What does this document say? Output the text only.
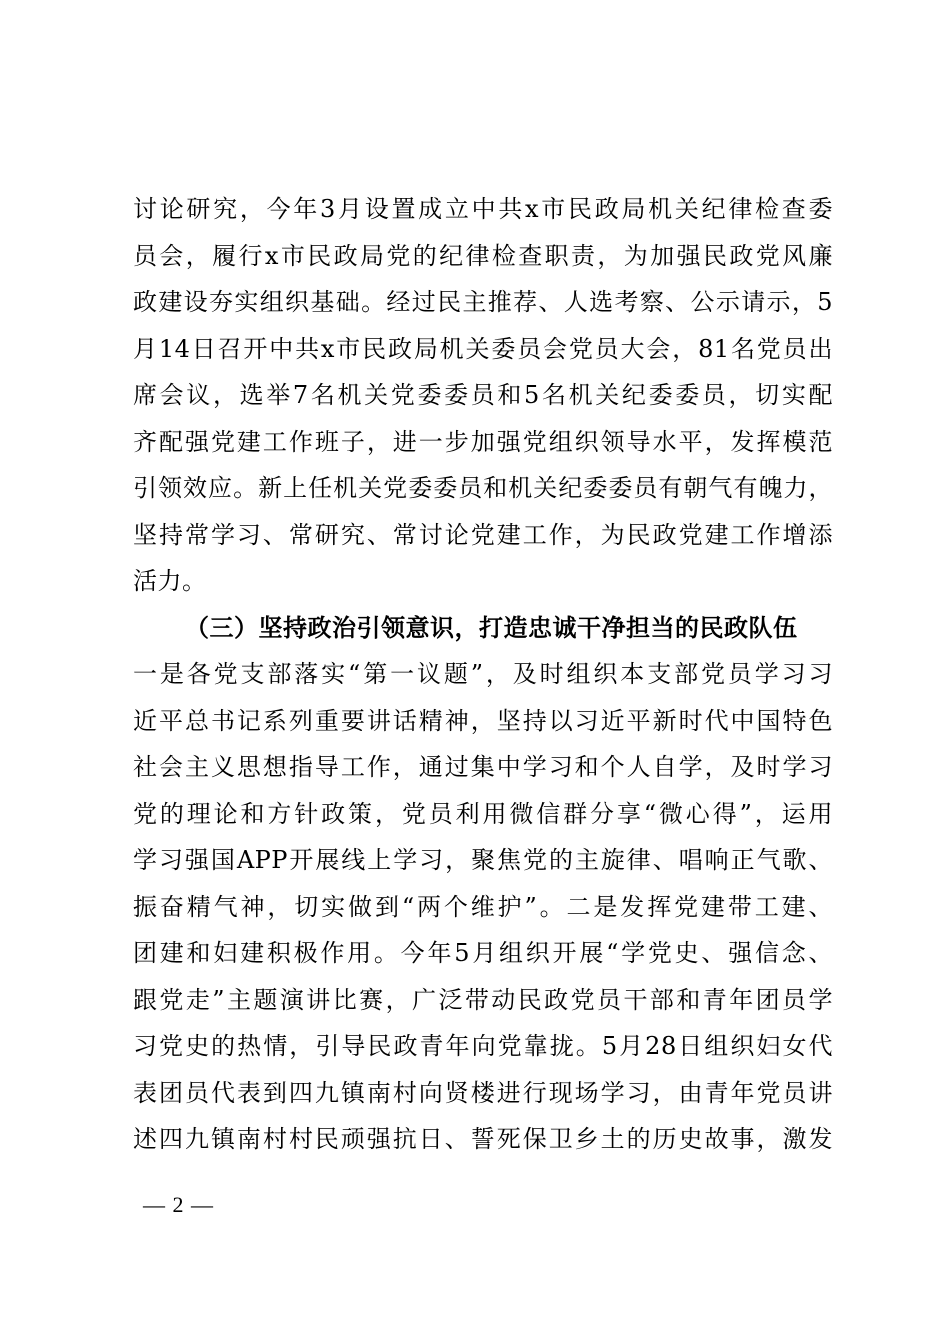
讨论研究，今年3月设置成立中共x市民政局机关纪律检查委
员会，履行x市民政局党的纪律检查职责，为加强民政党风廉
政建设夯实组织基础。经过民主推荐、人选考察、公示请示，5
月14日召开中共x市民政局机关委员会党员大会，81名党员出
席会议，选举7名机关党委委员和5名机关纪委委员，切实配
齐配强党建工作班子，进一步加强党组织领导水平，发挥模范
引领效应。新上任机关党委委员和机关纪委委员有朝气有魄力，
坚持常学习、常研究、常讨论党建工作，为民政党建工作增添
活力。
（三）坚持政治引领意识，打造忠诚干净担当的民政队伍
一是各党支部落实“第一议题”，及时组织本支部党员学习习
近平总书记系列重要讲话精神，坚持以习近平新时代中国特色
社会主义思想指导工作，通过集中学习和个人自学，及时学习
党的理论和方针政策，党员利用微信群分享“微心得”，运用
学习强国APP开展线上学习，聚焦党的主旋律、唱响正气歌、
振奋精气神，切实做到“两个维护”。二是发挥党建带工建、
团建和妇建积极作用。今年5月组织开展“学党史、强信念、
跟党走”主题演讲比赛，广泛带动民政党员干部和青年团员学
习党史的热情，引导民政青年向党靠拢。5月28日组织妇女代
表团员代表到四九镇南村向贤楼进行现场学习，由青年党员讲
述四九镇南村村民顽强抗日、誓死保卫乡土的历史故事，激发
— 2 —
